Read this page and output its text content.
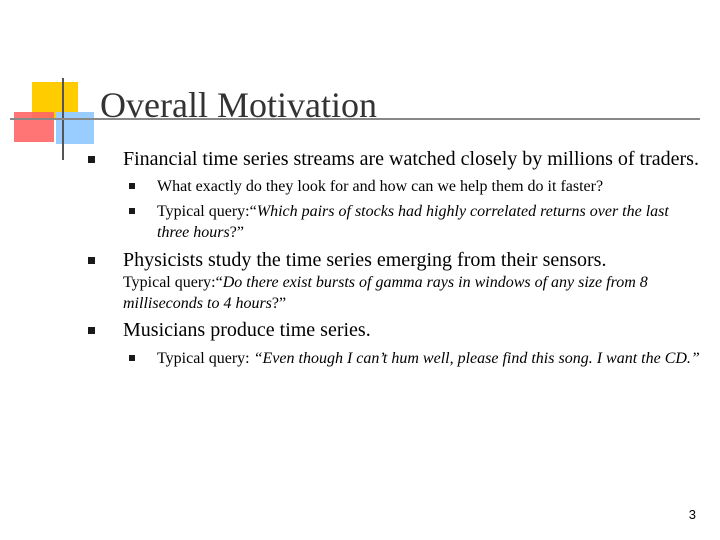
Overall Motivation
Financial time series streams are watched closely by millions of traders.
What exactly do they look for and how can we help them do it faster?
Typical query:“Which pairs of stocks had highly correlated returns over the last three hours?”
Physicists study the time series emerging from their sensors.
Typical query:“Do there exist bursts of gamma rays in windows of any size from 8 milliseconds to 4 hours?”
Musicians produce time series.
Typical query: “Even though I can’t hum well, please find this song. I want the CD.”
3
